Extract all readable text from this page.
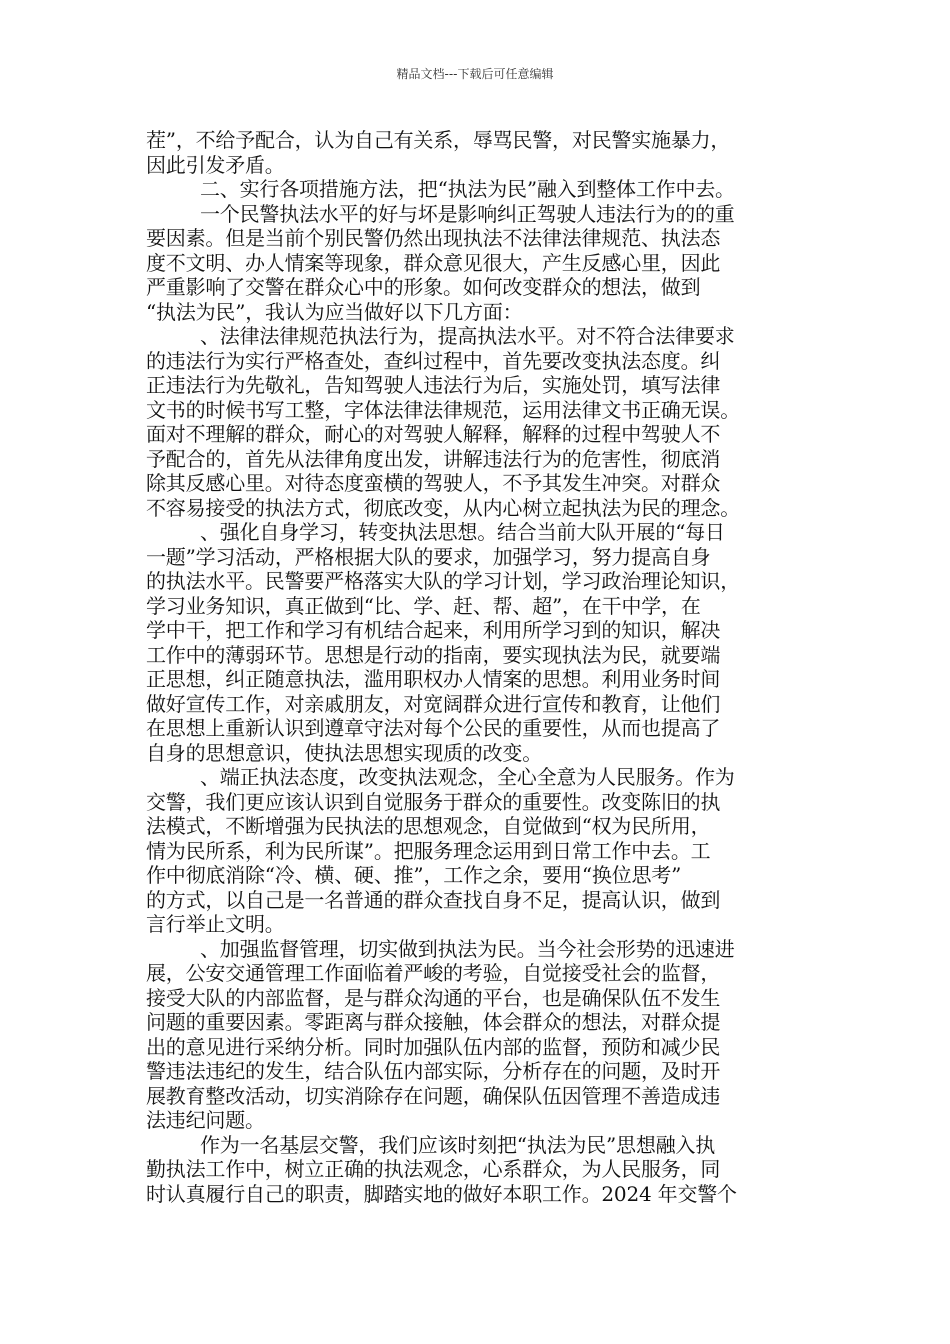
精品文档---下载后可任意编辑
茬”，不给予配合，认为自己有关系，辱骂民警，对民警实施暴力，
因此引发矛盾。
二、实行各项措施方法，把“执法为民”融入到整体工作中去。
一个民警执法水平的好与坏是影响纠正驾驶人违法行为的的重
要因素。但是当前个别民警仍然出现执法不法律法律规范、执法态
度不文明、办人情案等现象，群众意见很大，产生反感心里，因此
严重影响了交警在群众心中的形象。如何改变群众的想法，做到
“执法为民”，我认为应当做好以下几方面：
、法律法律规范执法行为，提高执法水平。对不符合法律要求
的违法行为实行严格查处，查纠过程中，首先要改变执法态度。纠
正违法行为先敬礼，告知驾驶人违法行为后，实施处罚，填写法律
文书的时候书写工整，字体法律法律规范，运用法律文书正确无误。
面对不理解的群众，耐心的对驾驶人解释，解释的过程中驾驶人不
予配合的，首先从法律角度出发，讲解违法行为的危害性，彻底消
除其反感心里。对待态度蛮横的驾驶人，不予其发生冲突。对群众
不容易接受的执法方式，彻底改变，从内心树立起执法为民的理念。
、强化自身学习，转变执法思想。结合当前大队开展的“每日
一题”学习活动，严格根据大队的要求，加强学习，努力提高自身
的执法水平。民警要严格落实大队的学习计划，学习政治理论知识，
学习业务知识，真正做到“比、学、赶、帮、超”，在干中学，在
学中干，把工作和学习有机结合起来，利用所学习到的知识，解决
工作中的薄弱环节。思想是行动的指南，要实现执法为民，就要端
正思想，纠正随意执法，滥用职权办人情案的思想。利用业务时间
做好宣传工作，对亲戚朋友，对宽阔群众进行宣传和教育，让他们
在思想上重新认识到遵章守法对每个公民的重要性，从而也提高了
自身的思想意识，使执法思想实现质的改变。
、端正执法态度，改变执法观念，全心全意为人民服务。作为
交警，我们更应该认识到自觉服务于群众的重要性。改变陈旧的执
法模式，不断增强为民执法的思想观念，自觉做到“权为民所用，
情为民所系，利为民所谋”。把服务理念运用到日常工作中去。工
作中彻底消除“冷、横、硬、推”，工作之余，要用“换位思考”
的方式，以自己是一名普通的群众查找自身不足，提高认识，做到
言行举止文明。
、加强监督管理，切实做到执法为民。当今社会形势的迅速进
展，公安交通管理工作面临着严峻的考验，自觉接受社会的监督，
接受大队的内部监督，是与群众沟通的平台，也是确保队伍不发生
问题的重要因素。零距离与群众接触，体会群众的想法，对群众提
出的意见进行采纳分析。同时加强队伍内部的监督，预防和减少民
警违法违纪的发生，结合队伍内部实际，分析存在的问题，及时开
展教育整改活动，切实消除存在问题，确保队伍因管理不善造成违
法违纪问题。
作为一名基层交警，我们应该时刻把“执法为民”思想融入执
勤执法工作中，树立正确的执法观念，心系群众，为人民服务，同
时认真履行自己的职责，脚踏实地的做好本职工作。2024 年交警个
